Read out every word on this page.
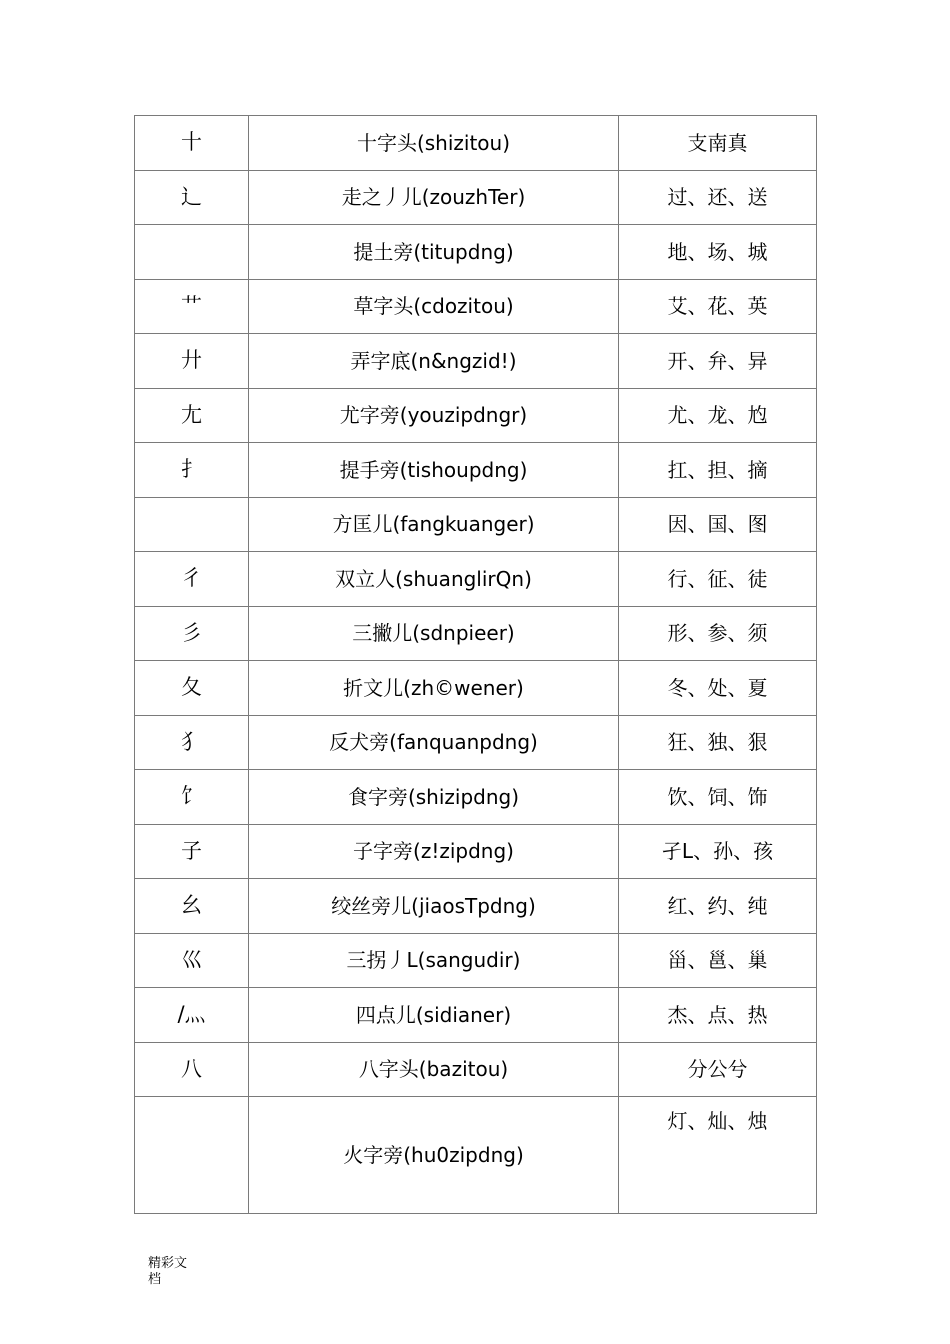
十	十字头(shizitou)	支南真
辶	走之丿儿(zouzhTer)	过、还、送
	提土旁(titupdng)	地、场、城
艹	草字头(cdozitou)	艾、花、英
廾	弄字底(n&ngzid!)	开、弁、异
尢	尤字旁(youzipdngr)	尤、龙、尥
扌	提手旁(tishoupdng)	扛、担、摘
	方匡儿(fangkuanger)	因、国、图
彳	双立人(shuanglirQn)	行、征、徒
彡	三撇儿(sdnpieer)	形、参、须
夂	折文儿(zh©wener)	冬、处、夏
犭	反犬旁(fanquanpdng)	狂、独、狠
饣	食字旁(shizipdng)	饮、饲、饰
子	子字旁(z!zipdng)	孑L、孙、孩
幺	绞丝旁儿(jiaosTpdng)	红、约、纯
巛	三拐丿L(sangudir)	甾、邕、巢
/灬	四点儿(sidianer)	杰、点、热
八	八字头(bazitou)	分公兮
	火字旁(hu0zipdng)	灯、灿、烛
精彩文
档
